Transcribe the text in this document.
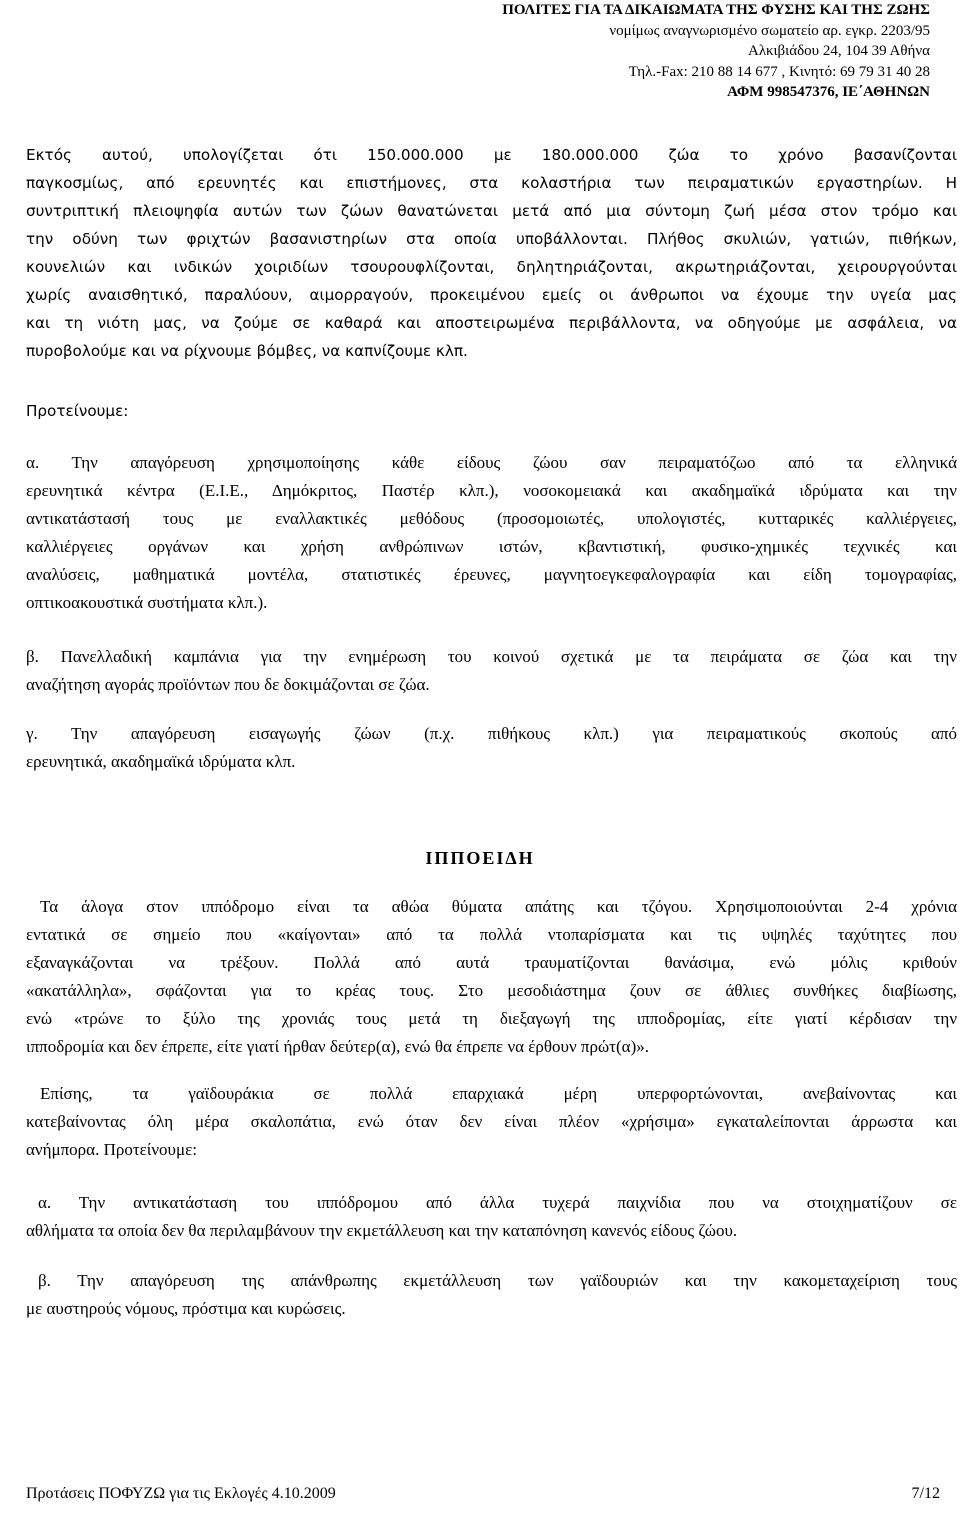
ΠΟΛΙΤΕΣ ΓΙΑ ΤΑ ΔΙΚΑΙΩΜΑΤΑ ΤΗΣ ΦΥΣΗΣ ΚΑΙ ΤΗΣ ΖΩΗΣ
νομίμως αναγνωρισμένο σωματείο αρ. εγκρ. 2203/95
Αλκιβιάδου 24, 104 39 Αθήνα
Τηλ.-Fax: 210 88 14 677 , Κινητό: 69 79 31 40 28
ΑΦΜ 998547376, ΙΕ΄ΑΘΗΝΩΝ
Εκτός αυτού, υπολογίζεται ότι 150.000.000 με 180.000.000 ζώα το χρόνο βασανίζονται
παγκοσμίως, από ερευνητές και επιστήμονες, στα κολαστήρια των πειραματικών εργαστηρίων. Η
συντριπτική πλειοψηφία αυτών των ζώων θανατώνεται μετά από μια σύντομη ζωή μέσα στον τρόμο και
την οδύνη των φριχτών βασανιστηρίων στα οποία υποβάλλονται. Πλήθος σκυλιών, γατιών, πιθήκων,
κουνελιών και ινδικών χοιριδίων τσουρουφλίζονται, δηλητηριάζονται, ακρωτηριάζονται, χειρουργούνται
χωρίς αναισθητικό, παραλύουν, αιμορραγούν, προκειμένου εμείς οι άνθρωποι να έχουμε την υγεία μας
και τη νιότη μας, να ζούμε σε καθαρά και αποστειρωμένα περιβάλλοντα, να οδηγούμε με ασφάλεια, να
πυροβολούμε και να ρίχνουμε βόμβες, να καπνίζουμε κλπ.
Προτείνουμε:
α. Την απαγόρευση χρησιμοποίησης κάθε είδους ζώου σαν πειραματόζωο από τα ελληνικά
ερευνητικά κέντρα (Ε.Ι.Ε., Δημόκριτος, Παστέρ κλπ.), νοσοκομειακά και ακαδημαϊκά ιδρύματα και την
αντικατάστασή τους με εναλλακτικές μεθόδους (προσομοιωτές, υπολογιστές, κυτταρικές καλλιέργειες,
καλλιέργειες οργάνων και χρήση ανθρώπινων ιστών, κβαντιστική, φυσικο-χημικές τεχνικές και
αναλύσεις, μαθηματικά μοντέλα, στατιστικές έρευνες, μαγνητοεγκεφαλογραφία και είδη τομογραφίας,
οπτικοακουστικά συστήματα κλπ.).
β. Πανελλαδική καμπάνια για την ενημέρωση του κοινού σχετικά με τα πειράματα σε ζώα και την
αναζήτηση αγοράς προϊόντων που δε δοκιμάζονται σε ζώα.
γ. Την απαγόρευση εισαγωγής ζώων (π.χ. πιθήκους κλπ.) για πειραματικούς σκοπούς από
ερευνητικά, ακαδημαϊκά ιδρύματα κλπ.
ΙΠΠΟΕΙΔΗ
Τα άλογα στον ιππόδρομο είναι τα αθώα θύματα απάτης και τζόγου. Χρησιμοποιούνται 2-4 χρόνια
εντατικά σε σημείο που «καίγονται» από τα πολλά ντοπαρίσματα και τις υψηλές ταχύτητες που
εξαναγκάζονται να τρέξουν. Πολλά από αυτά τραυματίζονται θανάσιμα, ενώ μόλις κριθούν
«ακατάλληλα», σφάζονται για το κρέας τους. Στο μεσοδιάστημα ζουν σε άθλιες συνθήκες διαβίωσης,
ενώ «τρώνε το ξύλο της χρονιάς τους μετά τη διεξαγωγή της ιπποδρομίας, είτε γιατί κέρδισαν την
ιπποδρομία και δεν έπρεπε, είτε γιατί ήρθαν δεύτερ(α), ενώ θα έπρεπε να έρθουν πρώτ(α)».
Επίσης, τα γαϊδουράκια σε πολλά επαρχιακά μέρη υπερφορτώνονται, ανεβαίνοντας και
κατεβαίνοντας όλη μέρα σκαλοπάτια, ενώ όταν δεν είναι πλέον «χρήσιμα» εγκαταλείπονται άρρωστα και
ανήμπορα. Προτείνουμε:
α. Την αντικατάσταση του ιππόδρομου από άλλα τυχερά παιχνίδια που να στοιχηματίζουν σε
αθλήματα τα οποία δεν θα περιλαμβάνουν την εκμετάλλευση και την καταπόνηση κανενός είδους ζώου.
β. Την απαγόρευση της απάνθρωπης εκμετάλλευση των γαϊδουριών και την κακομεταχείριση τους
με αυστηρούς νόμους, πρόστιμα και κυρώσεις.
Προτάσεις ΠΟΦΥΖΩ για τις Εκλογές 4.10.2009	7/12
